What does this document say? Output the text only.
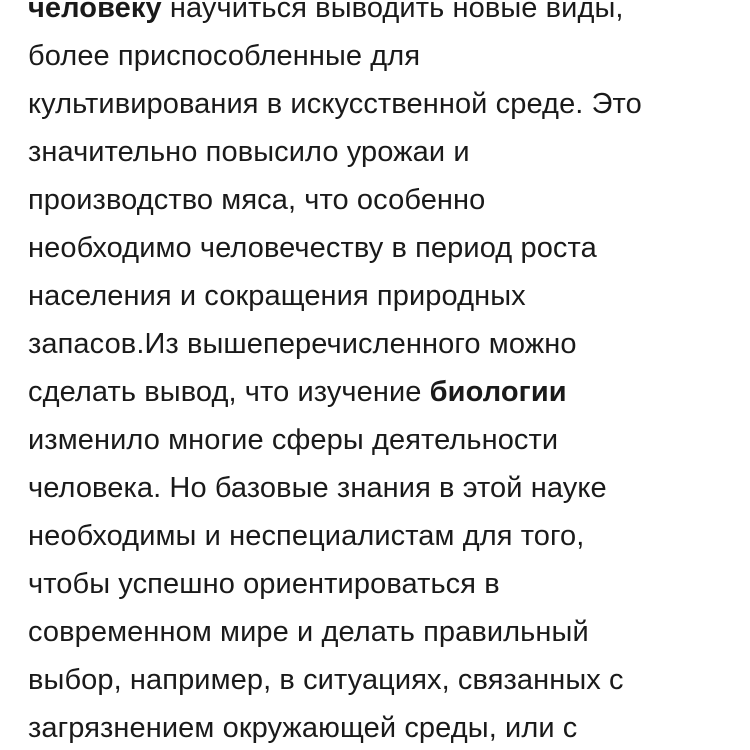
человеку научиться выводить новые виды,
более приспособленные для
культивирования в искусственной среде. Это
значительно повысило урожаи и
производство мяса, что особенно
необходимо человечеству в период роста
населения и сокращения природных
запасов.Из вышеперечисленного можно
сделать вывод, что изучение биологии
изменило многие сферы деятельности
человека. Но базовые знания в этой науке
необходимы и неспециалистам для того,
чтобы успешно ориентироваться в
современном мире и делать правильный
выбор, например, в ситуациях, связанных с
загрязнением окружающей среды, или с
